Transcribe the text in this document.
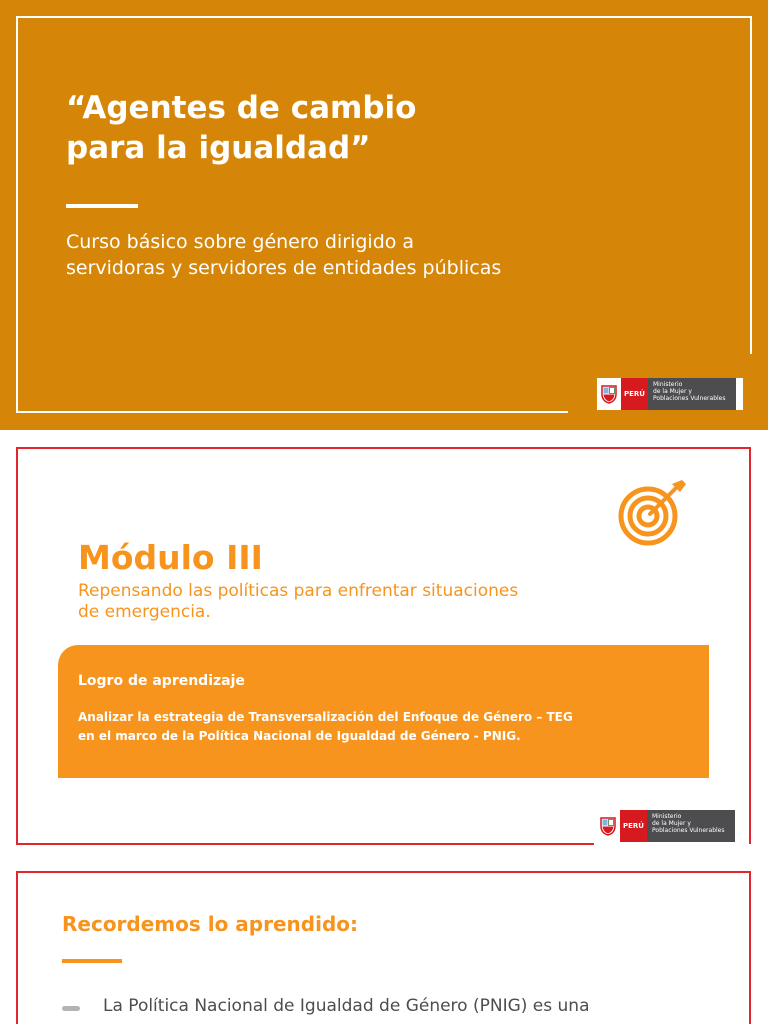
“Agentes de cambio
para la igualdad”
Curso básico sobre género dirigido a
servidoras y servidores de entidades públicas
PERÚ
Ministerio
de la Mujer y
Poblaciones Vulnerables
Módulo III
Repensando las políticas para enfrentar situaciones
de emergencia.
Logro de aprendizaje
Analizar la estrategia de Transversalización del Enfoque de Género – TEG
en el marco de la Política Nacional de Igualdad de Género - PNIG.
PERÚ
Ministerio
de la Mujer y
Poblaciones Vulnerables
Recordemos lo aprendido:
La Política Nacional de Igualdad de Género (PNIG) es una
